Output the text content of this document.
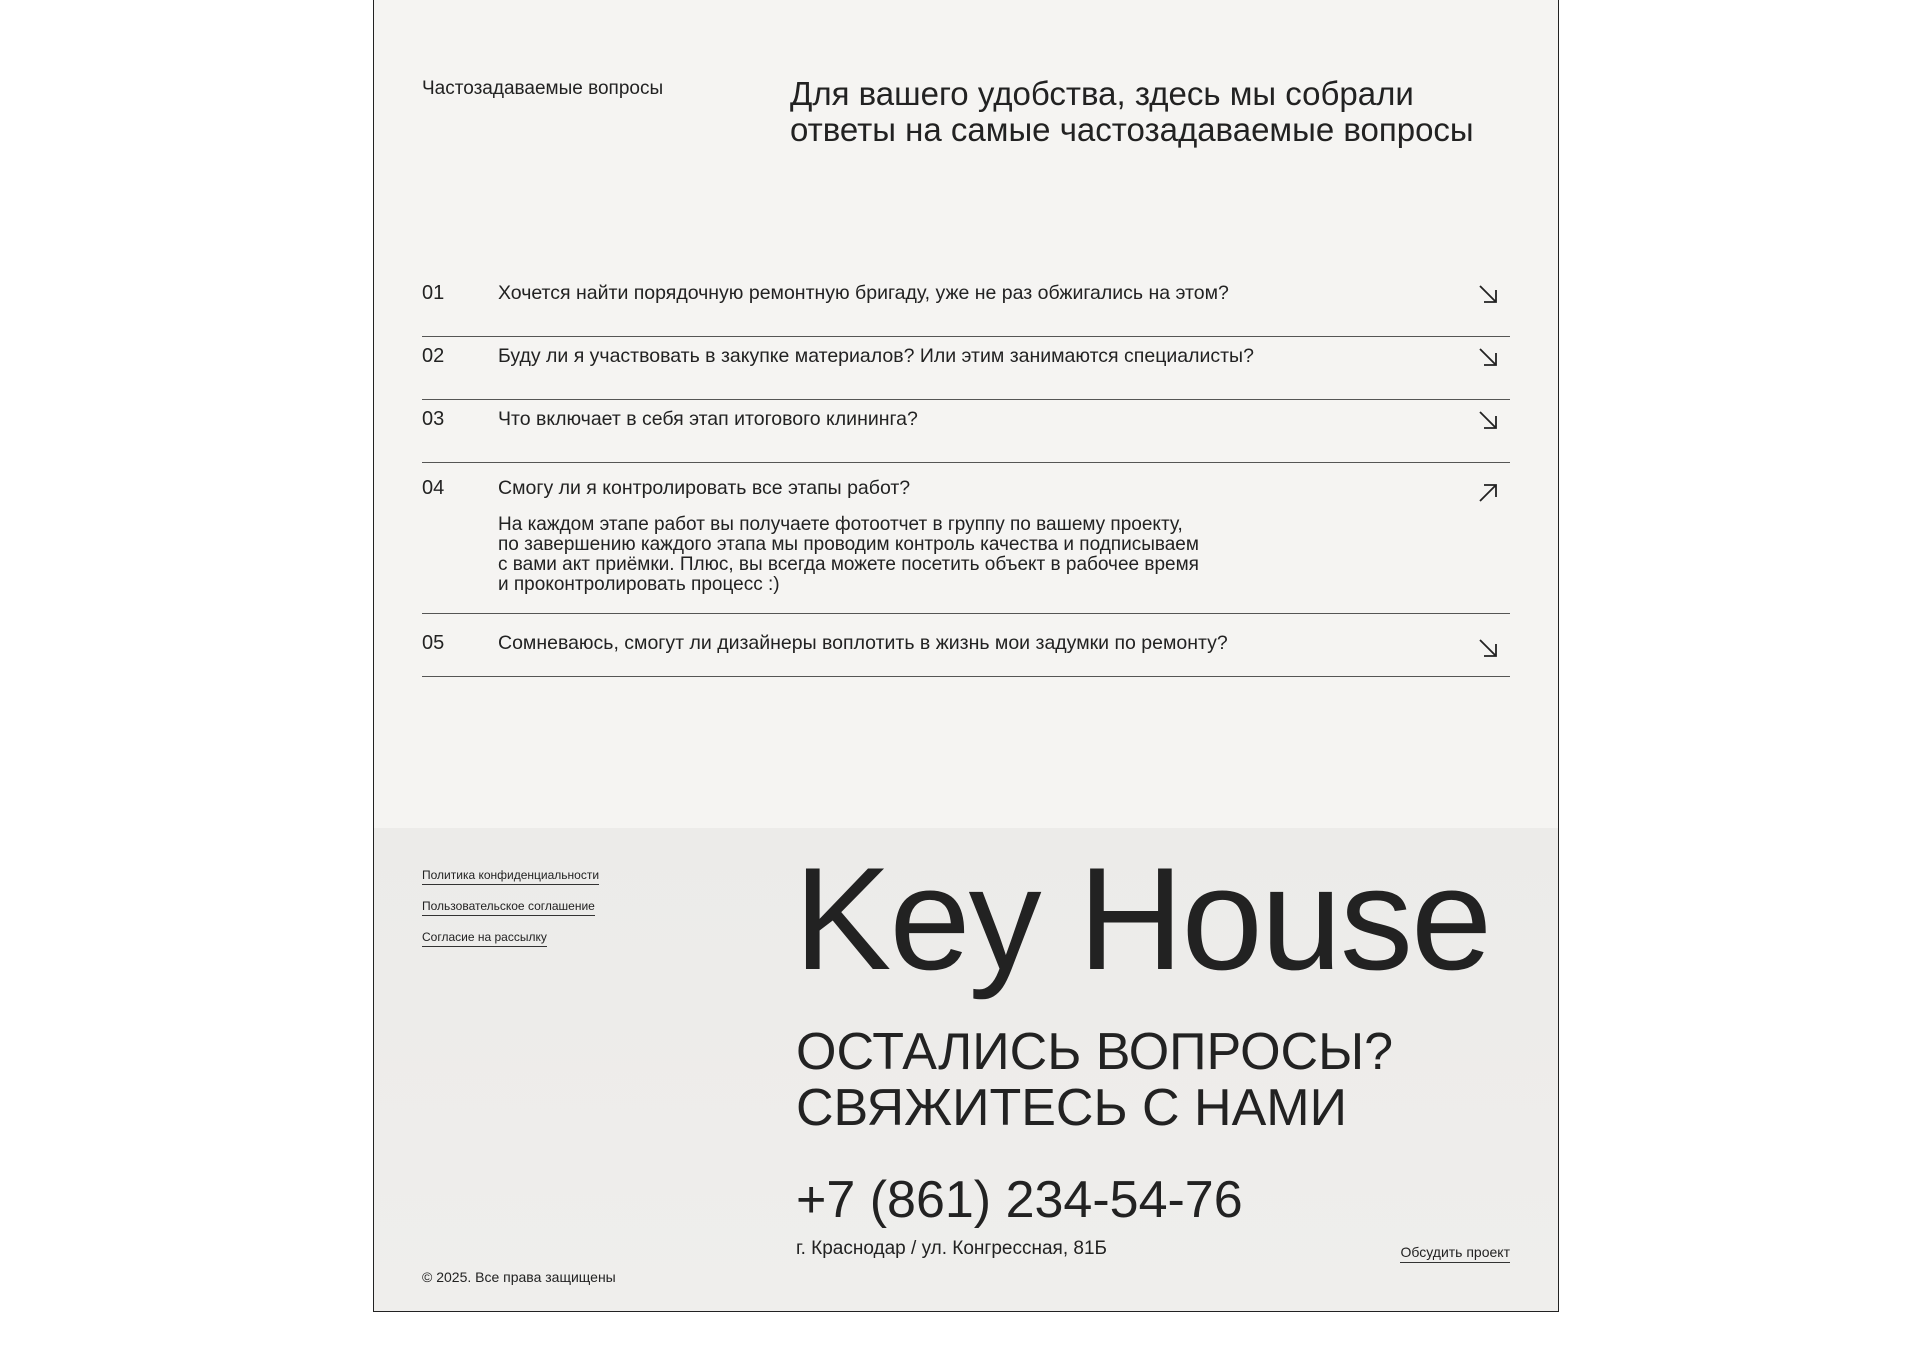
Частозадаваемые вопросы	Для вашего удобства, здесь мы собрали ответы на самые частозадаваемые вопросы
01	Хочется найти порядочную ремонтную бригаду, уже не раз обжигались на этом?
02	Буду ли я участвовать в закупке материалов? Или этим занимаются специалисты?
03	Что включает в себя этап итогового клининга?
04	Смогу ли я контролировать все этапы работ?
На каждом этапе работ вы получаете фотоотчет в группу по вашему проекту,
по завершению каждого этапа мы проводим контроль качества и подписываем
с вами акт приёмки. Плюс, вы всегда можете посетить объект в рабочее время
и проконтролировать процесс :)
05	Сомневаюсь, смогут ли дизайнеры воплотить в жизнь мои задумки по ремонту?
Политика конфиденциальности
Пользовательское соглашение
Согласие на рассылку Key House
ОСТАЛИСЬ ВОПРОСЫ?
СВЯЖИТЕСЬ С НАМИ
+7 (861) 234-54-76
г. Краснодар / ул. Конгрессная, 81Б	Обсудить проект
© 2025. Все права защищены
